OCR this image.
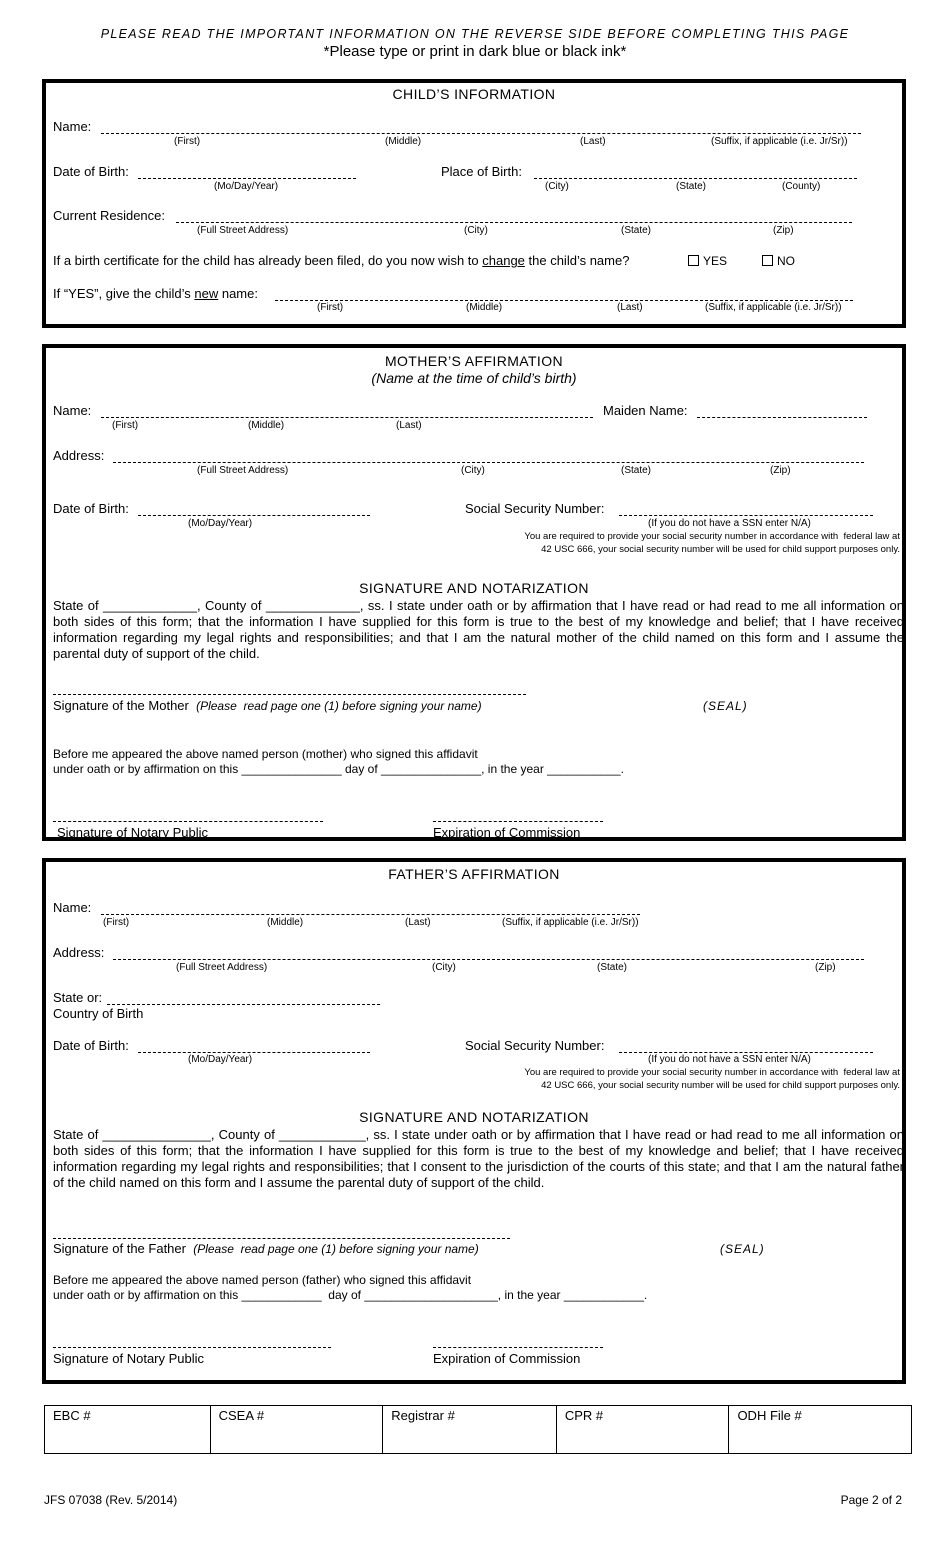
PLEASE READ THE IMPORTANT INFORMATION ON THE REVERSE SIDE BEFORE COMPLETING THIS PAGE
*Please type or print in dark blue or black ink*
CHILD’S INFORMATION
Name:
(First)	(Middle)	(Last)	(Suffix, if applicable (i.e. Jr/Sr))
Date of Birth:
(Mo/Day/Year)
Place of Birth:
(City)	(State)	(County)
Current Residence:
(Full Street Address)	(City)	(State)	(Zip)
If a birth certificate for the child has already been filed, do you now wish to change the child’s name?	YES	NO
If “YES”, give the child’s new name:
(First)	(Middle)	(Last)	(Suffix, if applicable (i.e. Jr/Sr))
MOTHER’S AFFIRMATION
(Name at the time of child’s birth)
Name:
(First)	(Middle)	(Last)
Maiden Name:
Address:
(Full Street Address)	(City)	(State)	(Zip)
Date of Birth:
(Mo/Day/Year)
Social Security Number:
(If you do not have a SSN enter N/A)
You are required to provide your social security number in accordance with  federal law at
42 USC 666, your social security number will be used for child support purposes only.
SIGNATURE AND NOTARIZATION
State of _____________, County of _____________, ss. I state under oath or by affirmation that I have read or had read to me all information on both sides of this form; that the information I have supplied for this form is true to the best of my knowledge and belief; that I have received information regarding my legal rights and responsibilities; and that I am the natural mother of the child named on this form and I assume the parental duty of support of the child.
Signature of the Mother (Please  read page one (1) before signing your name)	(SEAL)
Before me appeared the above named person (mother) who signed this affidavit
under oath or by affirmation on this _______________ day of _______________, in the year ___________.
Signature of Notary Public	Expiration of Commission
FATHER’S AFFIRMATION
Name:
(First)	(Middle)	(Last)	(Suffix, if applicable (i.e. Jr/Sr))
Address:
(Full Street Address)	(City)	(State)	(Zip)
State or:
Country of Birth
Date of Birth:
(Mo/Day/Year)
Social Security Number:
(If you do not have a SSN enter N/A)
You are required to provide your social security number in accordance with  federal law at
42 USC 666, your social security number will be used for child support purposes only.
SIGNATURE AND NOTARIZATION
State of _______________, County of ____________, ss. I state under oath or by affirmation that I have read or had read to me all information on both sides of this form; that the information I have supplied for this form is true to the best of my knowledge and belief; that I have received information regarding my legal rights and responsibilities; that I consent to the jurisdiction of the courts of this state; and that I am the natural father of the child named on this form and I assume the parental duty of support of the child.
Signature of the Father (Please  read page one (1) before signing your name)	(SEAL)
Before me appeared the above named person (father) who signed this affidavit
under oath or by affirmation on this ____________  day of ____________________, in the year ____________.
Signature of Notary Public	Expiration of Commission
EBC #	CSEA #	Registrar #	CPR #	ODH File #
JFS 07038 (Rev. 5/2014)	Page 2 of 2
